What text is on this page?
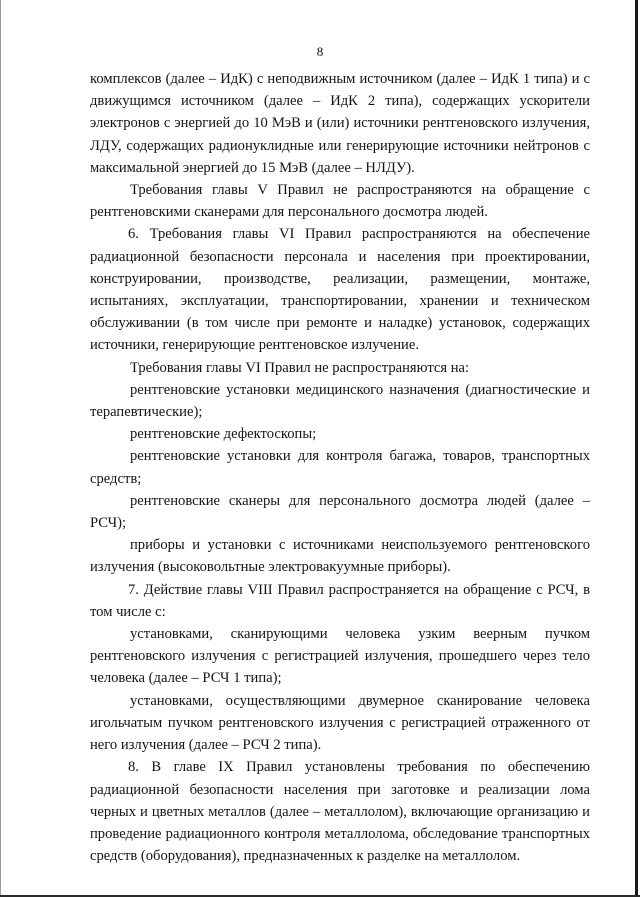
8

комплексов (далее – ИдК) с неподвижным источником (далее – ИдК 1 типа) и с движущимся источником (далее – ИдК 2 типа), содержащих ускорители электронов с энергией до 10 МэВ и (или) источники рентгеновского излучения, ЛДУ, содержащих радионуклидные или генерирующие источники нейтронов с максимальной энергией до 15 МэВ (далее – НЛДУ).

Требования главы V Правил не распространяются на обращение с рентгеновскими сканерами для персонального досмотра людей.

6. Требования главы VI Правил распространяются на обеспечение радиационной безопасности персонала и населения при проектировании, конструировании, производстве, реализации, размещении, монтаже, испытаниях, эксплуатации, транспортировании, хранении и техническом обслуживании (в том числе при ремонте и наладке) установок, содержащих источники, генерирующие рентгеновское излучение.

Требования главы VI Правил не распространяются на:

рентгеновские установки медицинского назначения (диагностические и терапевтические);

рентгеновские дефектоскопы;

рентгеновские установки для контроля багажа, товаров, транспортных средств;

рентгеновские сканеры для персонального досмотра людей (далее – РСЧ);

приборы и установки с источниками неиспользуемого рентгеновского излучения (высоковольтные электровакуумные приборы).

7. Действие главы VIII Правил распространяется на обращение с РСЧ, в том числе с:

установками, сканирующими человека узким веерным пучком рентгеновского излучения с регистрацией излучения, прошедшего через тело человека (далее – РСЧ 1 типа);

установками, осуществляющими двумерное сканирование человека игольчатым пучком рентгеновского излучения с регистрацией отраженного от него излучения (далее – РСЧ 2 типа).

8. В главе IX Правил установлены требования по обеспечению радиационной безопасности населения при заготовке и реализации лома черных и цветных металлов (далее – металлолом), включающие организацию и проведение радиационного контроля металлолома, обследование транспортных средств (оборудования), предназначенных к разделке на металлолом.
